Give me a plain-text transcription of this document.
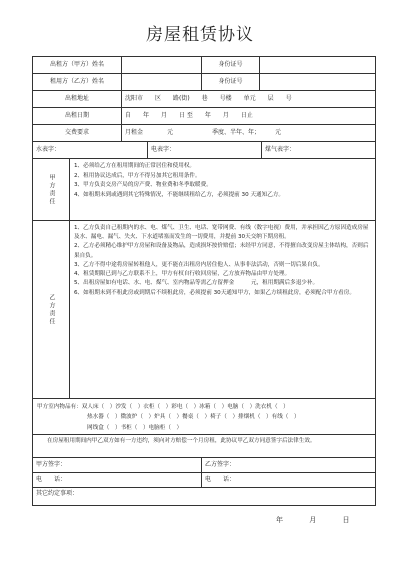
房屋租赁协议
出租方（甲方）姓名	身份证号
租用方（乙方）姓名	身份证号
出租地址	沈阳市　　区　　路(街)　　巷　　号楼　　单元　　层　　号
出租日期	自　　年　　月　　日 至　　年　　月　　日止
交费要求	月租金　　　　元	季度、半年、年；　　　元
水表字：	电表字：	煤气表字：
甲方责任

1、必须给乙方在租用期间的正常居住和使用权。

2、租用协议达成后，甲方不得另加其它租用条件。

3、甲方负责交房产局的房产费、物业费和冬季取暖费。

4、如租期未到或遇到其它特殊情况，不能继续租给乙方，必须提前 30 天通知乙方。

乙方责任

1、乙方负责自己租期内的水、电、煤气、卫生、电话、宽带网费、有线（数字电视）费用，并承担因乙方原因造成房屋及水、漏电、漏气、失火、下水道堵塞而发生的一切费用，并提前 30天交纳下期房租。

2、乙方必须精心维护甲方房屋和设备及物品，造成损坏按价赔偿；未经甲方同意，不得擅自改变房屋主体结构，否则后果自负。

3、乙方不得中途将房屋转租他人，更不能在出租房内居住他人、从事非法活动，否则一切后果自负。

4、租赁期限已到与乙方联系不上，甲方有权自行收回房屋，乙方放弃物品由甲方处理。

5、出租房屋如有电话、水、电、煤气、室内物品等需乙方留押金　　　元，租用期满后多退少补。

6、如租期未到不租此房或到期后不续租此房，必须提前 30天通知甲方，如果乙方续租此房，必须配合甲方看房。

甲方室内物品有：双人床（　）沙发（　）衣柜（　）彩电（　）冰箱（　）电脑（　）洗衣机（　）

热水器（　）微波炉（　）炉具（　）餐桌（　）椅子（　）排烟机（　）有线（　）

网线盒（　）书柜（　）电脑柜（　）

在房屋租用期间内甲乙双方如有一方违约，须向对方赔偿一个月房租，此协议甲乙双方同意签字后法律生效。
甲方签字：	乙方签字：
电　　话：	电　　话：
其它约定事项：
年	月	日
